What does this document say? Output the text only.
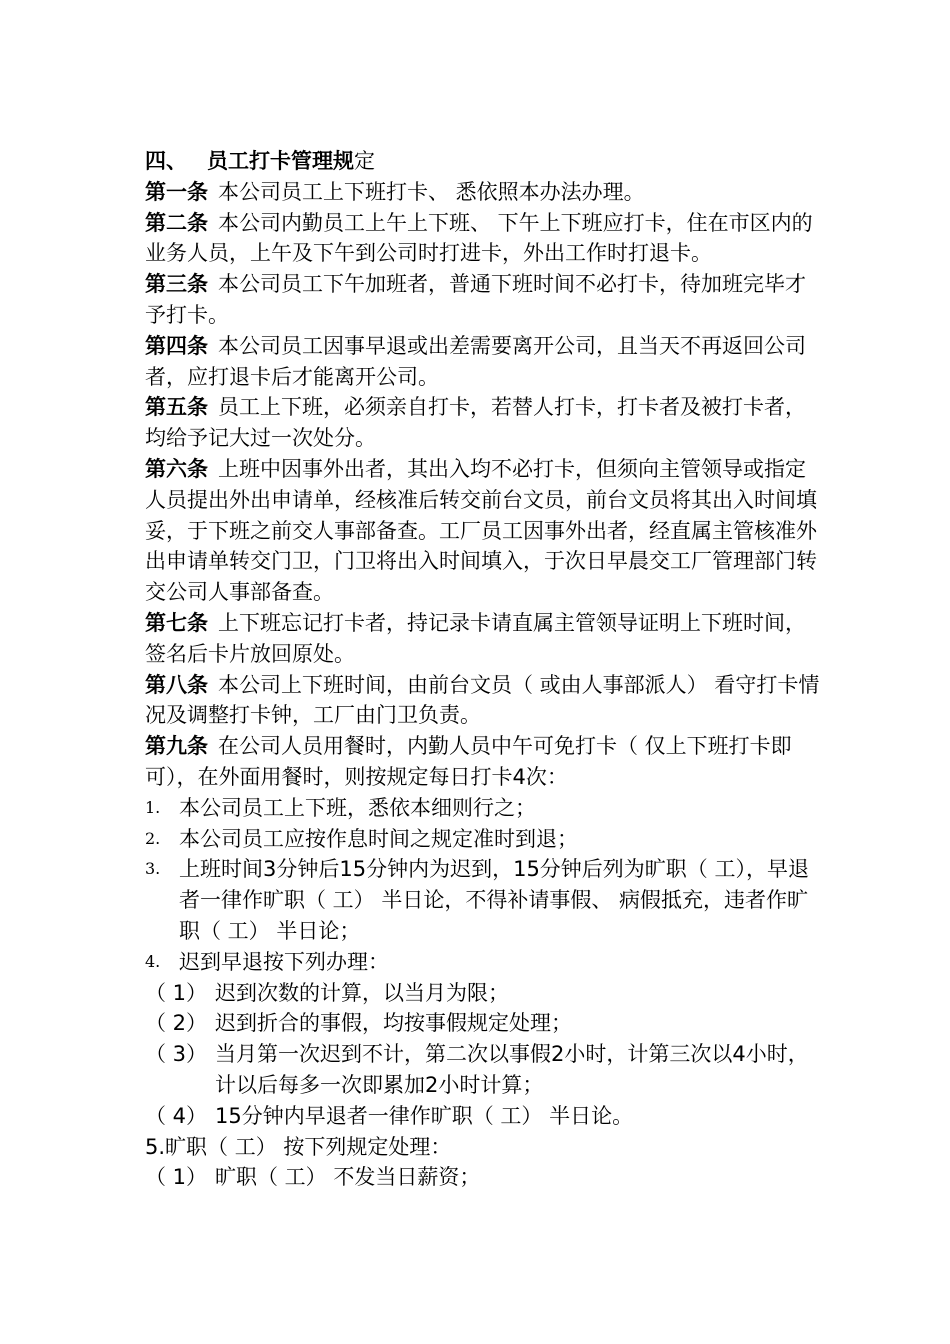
四、 员工打卡管理规定

第一条 本公司员工上下班打卡、 悉依照本办法办理。

第二条 本公司内勤员工上午上下班、 下午上下班应打卡，住在市区内的业务人员，上午及下午到公司时打进卡，外出工作时打退卡。

第三条 本公司员工下午加班者，普通下班时间不必打卡，待加班完毕才予打卡。

第四条 本公司员工因事早退或出差需要离开公司，且当天不再返回公司者，应打退卡后才能离开公司。

第五条 员工上下班，必须亲自打卡，若替人打卡，打卡者及被打卡者，均给予记大过一次处分。

第六条 上班中因事外出者，其出入均不必打卡，但须向主管领导或指定人员提出外出申请单，经核准后转交前台文员，前台文员将其出入时间填妥，于下班之前交人事部备查。工厂员工因事外出者，经直属主管核准外出申请单转交门卫，门卫将出入时间填入，于次日早晨交工厂管理部门转交公司人事部备查。

第七条 上下班忘记打卡者，持记录卡请直属主管领导证明上下班时间，签名后卡片放回原处。

第八条 本公司上下班时间，由前台文员（ 或由人事部派人） 看守打卡情况及调整打卡钟，工厂由门卫负责。

第九条 在公司人员用餐时，内勤人员中午可免打卡（ 仅上下班打卡即可），在外面用餐时，则按规定每日打卡4次：

1. 本公司员工上下班，悉依本细则行之；

2. 本公司员工应按作息时间之规定准时到退；

3. 上班时间3分钟后15分钟内为迟到，15分钟后列为旷职（ 工），早退者一律作旷职（ 工） 半日论，不得补请事假、 病假抵充，违者作旷职（ 工） 半日论；

4. 迟到早退按下列办理：

（ 1） 迟到次数的计算，以当月为限；

（ 2） 迟到折合的事假，均按事假规定处理；

（ 3） 当月第一次迟到不计，第二次以事假2小时，计第三次以4小时，计以后每多一次即累加2小时计算；

（ 4） 15分钟内早退者一律作旷职（ 工） 半日论。

5.旷职（ 工） 按下列规定处理：

（ 1） 旷职（ 工） 不发当日薪资；
